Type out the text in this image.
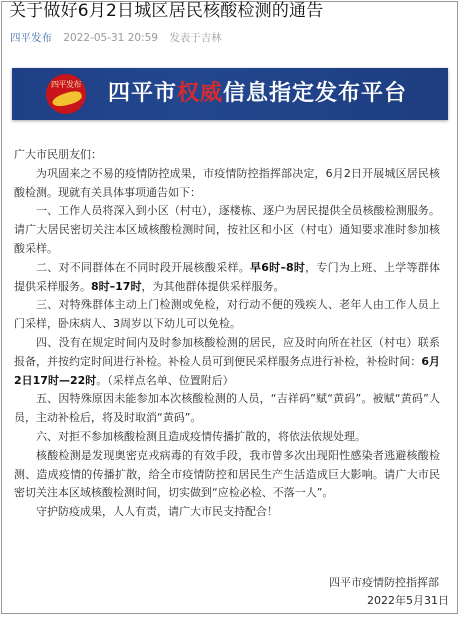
关于做好6月2日城区居民核酸检测的通告
四平发布 2022-05-31 20:59 发表于吉林
四平发布 四平市权威信息指定发布平台

广大市民朋友们：

为巩固来之不易的疫情防控成果，市疫情防控指挥部决定，6月2日开展城区居民核酸检测。现就有关具体事项通告如下：

一、工作人员将深入到小区（村屯），逐楼栋、逐户为居民提供全员核酸检测服务。请广大居民密切关注本区域核酸检测时间，按社区和小区（村屯）通知要求准时参加核酸采样。

二、对不同群体在不同时段开展核酸采样。早6时–8时，专门为上班、上学等群体提供采样服务。8时–17时，为其他群体提供采样服务。

三、对特殊群体主动上门检测或免检，对行动不便的残疾人、老年人由工作人员上门采样，卧床病人、3周岁以下幼儿可以免检。

四、没有在规定时间内及时参加核酸检测的居民，应及时向所在社区（村屯）联系报备，并按约定时间进行补检。补检人员可到便民采样服务点进行补检，补检时间：6月2日17时—22时。（采样点名单、位置附后）

五、因特殊原因未能参加本次核酸检测的人员，“吉祥码”赋“黄码”。被赋“黄码”人员，主动补检后，将及时取消“黄码”。

六、对拒不参加核酸检测且造成疫情传播扩散的，将依法依规处理。

核酸检测是发现奥密克戎病毒的有效手段，我市曾多次出现阳性感染者逃避核酸检测、造成疫情的传播扩散，给全市疫情防控和居民生产生活造成巨大影响。请广大市民密切关注本区域核酸检测时间，切实做到“应检必检、不落一人”。

守护防疫成果，人人有责，请广大市民支持配合！

四平市疫情防控指挥部
2022年5月31日
